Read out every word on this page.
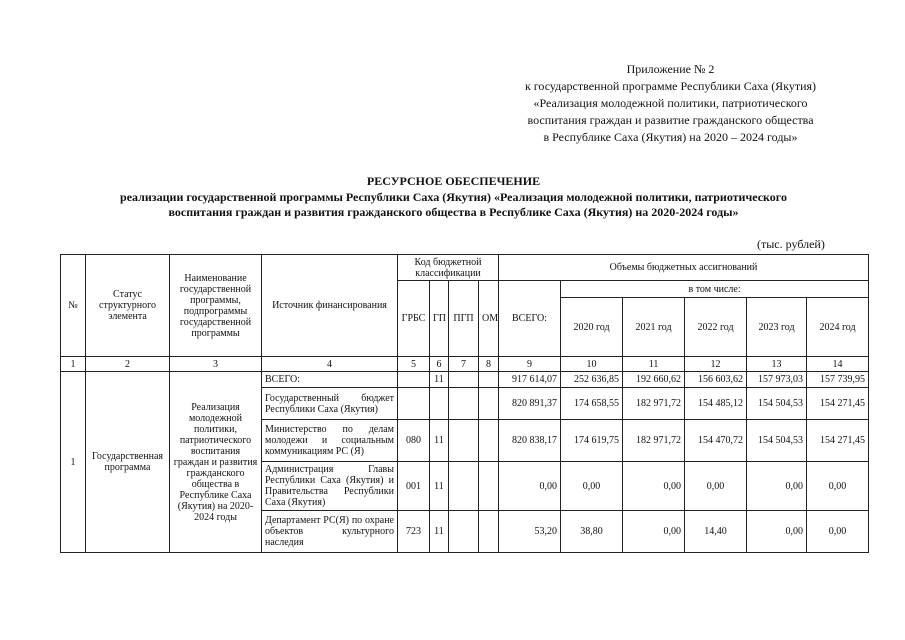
Приложение № 2
к государственной программе Республики Саха (Якутия)
«Реализация молодежной политики, патриотического
воспитания граждан и развитие гражданского общества
в Республике Саха (Якутия) на 2020 – 2024 годы»
РЕСУРСНОЕ ОБЕСПЕЧЕНИЕ
реализации государственной программы Республики Саха (Якутия) «Реализация молодежной политики, патриотического
воспитания граждан и развития гражданского общества в Республике Саха (Якутия) на 2020-2024 годы»
(тыс. рублей)
№	Статус структурного элемента	Наименование государственной программы, подпрограммы государственной программы	Источник финансирования	Код бюджетной классификации				Объемы бюджетных ассигнований					
				ГРБС	ГП	ПГП	ОМ	ВСЕГО:	в том числе:				
									2020 год	2021 год	2022 год	2023 год	2024 год
1	2	3	4	5	6	7	8	9	10	11	12	13	14
1	Государственная программа	Реализация молодежной политики, патриотического воспитания граждан и развития гражданского общества в Республике Саха (Якутия) на 2020-2024 годы	ВСЕГО:		11			917 614,07	252 636,85	192 660,62	156 603,62	157 973,03	157 739,95
			Государственный бюджет Республики Саха (Якутия)					820 891,37	174 658,55	182 971,72	154 485,12	154 504,53	154 271,45
			Министерство по делам молодежи и социальным коммуникациям РС (Я)	080	11			820 838,17	174 619,75	182 971,72	154 470,72	154 504,53	154 271,45
			Администрация Главы Республики Саха (Якутия) и Правительства Республики Саха (Якутия)	001	11			0,00	0,00	0,00	0,00	0,00	0,00
			Департамент РС(Я) по охране объектов культурного наследия	723	11			53,20	38,80	0,00	14,40	0,00	0,00
